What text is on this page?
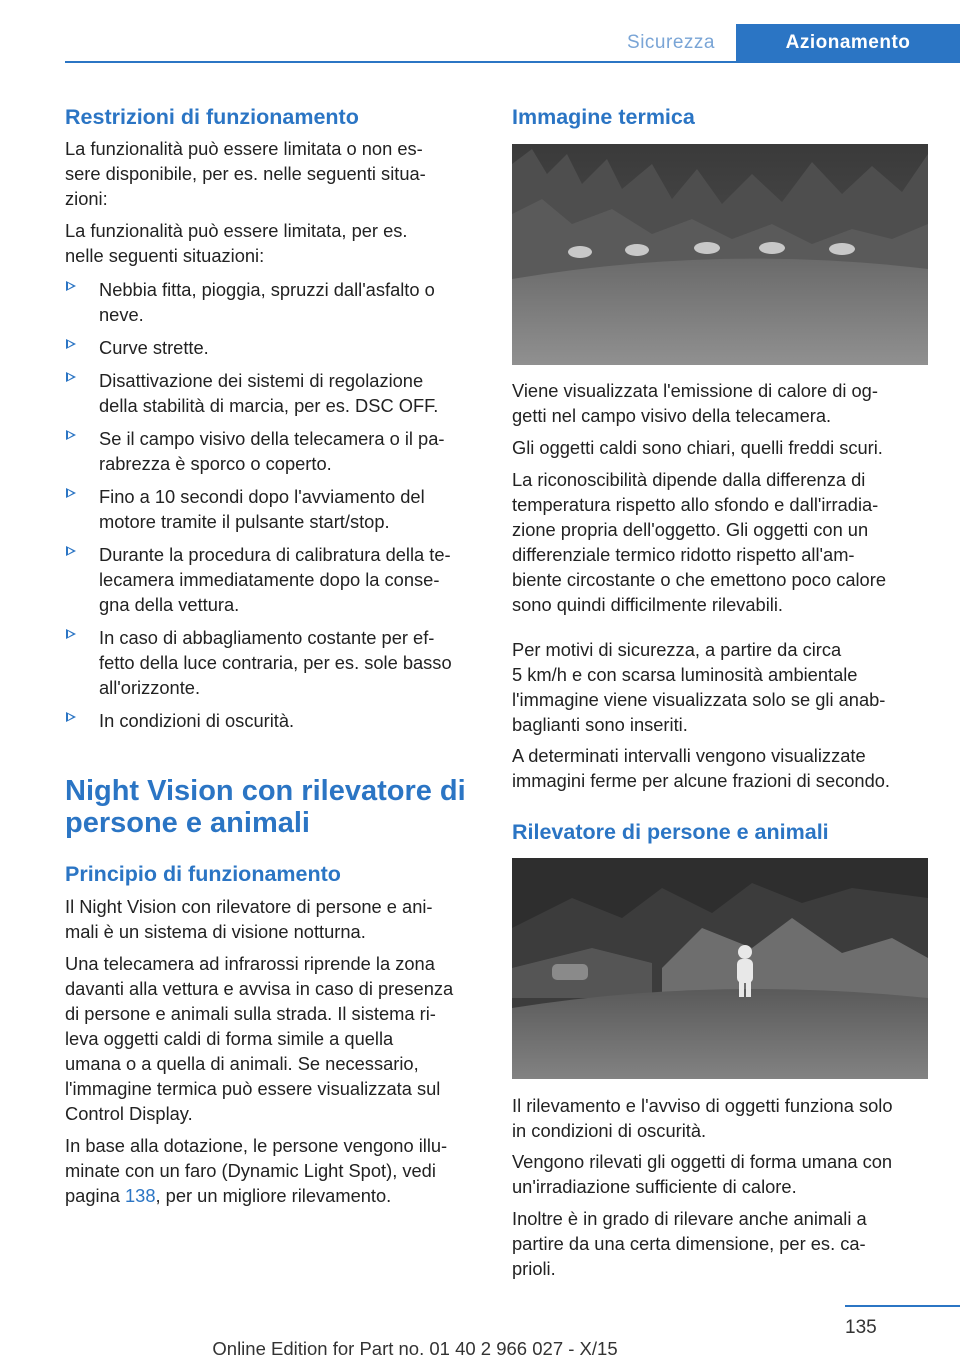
Sicurezza	Azionamento
Restrizioni di funzionamento

La funzionalità può essere limitata o non es-

sere disponibile, per es. nelle seguenti situa-

zioni:

La funzionalità può essere limitata, per es.

nelle seguenti situazioni:

Nebbia fitta, pioggia, spruzzi dall'asfalto o
neve.
Curve strette.
Disattivazione dei sistemi di regolazione
della stabilità di marcia, per es. DSC OFF.
Se il campo visivo della telecamera o il pa-
rabrezza è sporco o coperto.
Fino a 10 secondi dopo l'avviamento del
motore tramite il pulsante start/stop.
Durante la procedura di calibratura della te-
lecamera immediatamente dopo la conse-
gna della vettura.
In caso di abbagliamento costante per ef-
fetto della luce contraria, per es. sole basso
all'orizzonte.
In condizioni di oscurità.
Night Vision con rilevatore di
persone e animali
Principio di funzionamento

Il Night Vision con rilevatore di persone e ani-

mali è un sistema di visione notturna.

Una telecamera ad infrarossi riprende la zona

davanti alla vettura e avvisa in caso di presenza

di persone e animali sulla strada. Il sistema ri-

leva oggetti caldi di forma simile a quella

umana o a quella di animali. Se necessario,

l'immagine termica può essere visualizzata sul

Control Display.

In base alla dotazione, le persone vengono illu-

minate con un faro (Dynamic Light Spot), vedi

pagina 138, per un migliore rilevamento.

Immagine termica

Viene visualizzata l'emissione di calore di og-

getti nel campo visivo della telecamera.

Gli oggetti caldi sono chiari, quelli freddi scuri.

La riconoscibilità dipende dalla differenza di

temperatura rispetto allo sfondo e dall'irradia-

zione propria dell'oggetto. Gli oggetti con un

differenziale termico ridotto rispetto all'am-

biente circostante o che emettono poco calore

sono quindi difficilmente rilevabili.

Per motivi di sicurezza, a partire da circa

5 km/h e con scarsa luminosità ambientale

l'immagine viene visualizzata solo se gli anab-

baglianti sono inseriti.

A determinati intervalli vengono visualizzate

immagini ferme per alcune frazioni di secondo.

Rilevatore di persone e animali

Il rilevamento e l'avviso di oggetti funziona solo

in condizioni di oscurità.

Vengono rilevati gli oggetti di forma umana con

un'irradiazione sufficiente di calore.

Inoltre è in grado di rilevare anche animali a

partire da una certa dimensione, per es. ca-

prioli.

135
Online Edition for Part no. 01 40 2 966 027 - X/15
